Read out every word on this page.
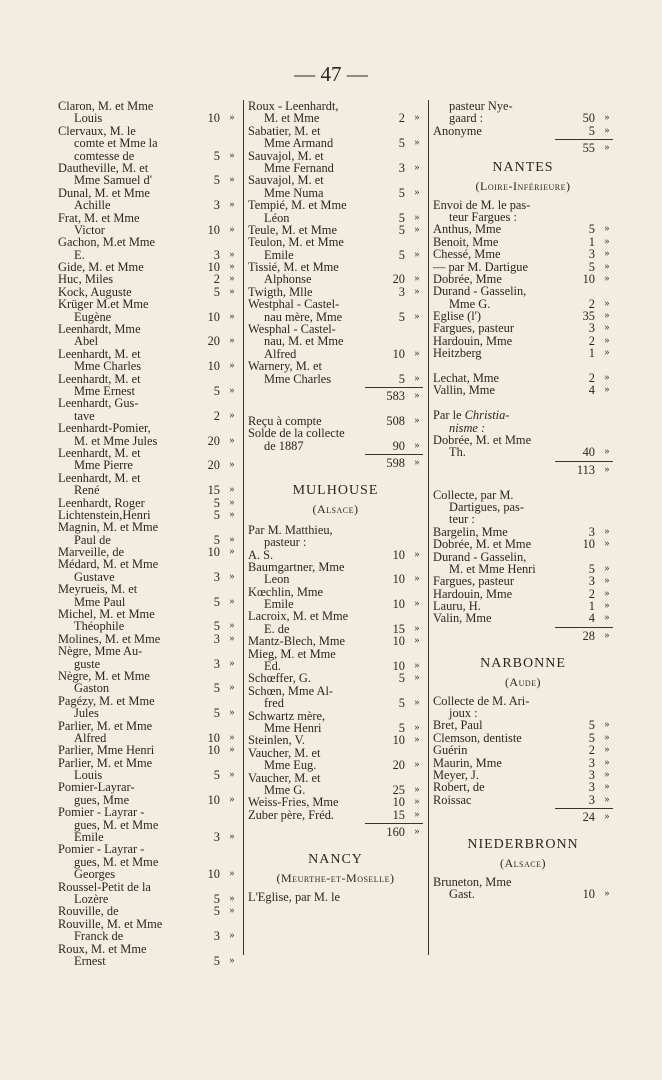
— 47 —
Claron, M. et Mme
Louis	10 »
Clervaux, M. le
comte et Mme la
comtesse de	5 »
Dautheville, M. et
Mme Samuel d'	5 »
Dunal, M. et Mme
Achille	3 »
Frat, M. et Mme
Victor	10 »
Gachon, M.et Mme
E.	3 »
Gide, M. et Mme	10 »
Huc, Miles	2 »
Kock, Auguste	5 »
Krüger M.et Mme
Eugène	10 »
Leenhardt, Mme
Abel	20 »
Leenhardt, M. et
Mme Charles	10 »
Leenhardt, M. et
Mme Ernest	5 »
Leenhardt, Gus-
tave	2 »
Leenhardt-Pomier,
M. et Mme Jules	20 »
Leenhardt, M. et
Mme Pierre	20 »
Leenhardt, M. et
René	15 »
Leenhardt, Roger	5 »
Lichtenstein,Henri	5 »
Magnin, M. et Mme
Paul de	5 »
Marveille, de	10 »
Médard, M. et Mme
Gustave	3 »
Meyrueis, M. et
Mme Paul	5 »
Michel, M. et Mme
Théophile	5 »
Molines, M. et Mme	3 »
Nègre, Mme Au-
guste	3 »
Nègre, M. et Mme
Gaston	5 »
Pagézy, M. et Mme
Jules	5 »
Parlier, M. et Mme
Alfred	10 »
Parlier, Mme Henri	10 »
Parlier, M. et Mme
Louis	5 »
Pomier-Layrar-
gues, Mme	10 »
Pomier - Layrar -
gues, M. et Mme
Emile	3 »
Pomier - Layrar -
gues, M. et Mme
Georges	10 »
Roussel-Petit de la
Lozère	5 »
Rouville, de	5 »
Rouville, M. et Mme
Franck de	3 »
Roux, M. et Mme
Ernest	5 »
Roux - Leenhardt,
M. et Mme	2 »
Sabatier, M. et
Mme Armand	5 »
Sauvajol, M. et
Mme Fernand	3 »
Sauvajol, M. et
Mme Numa	5 »
Tempié, M. et Mme
Léon	5 »
Teule, M. et Mme	5 »
Teulon, M. et Mme
Emile	5 »
Tissié, M. et Mme
Alphonse	20 »
Twigth, Mlle	3 »
Westphal - Castel-
nau mère, Mme	5 »
Wesphal - Castel-
nau, M. et Mme
Alfred	10 »
Warnery, M. et
Mme Charles	5 »
583 »
Reçu à compte	508 »
Solde de la collecte
de 1887	90 »
598 »
MULHOUSE
(Alsace)
Par M. Matthieu,
pasteur :
A. S.	10 »
Baumgartner, Mme
Leon	10 »
Kœchlin, Mme
Emile	10 »
Lacroix, M. et Mme
E. de	15 »
Mantz-Blech, Mme	10 »
Mieg, M. et Mme
Ed.	10 »
Schœffer, G.	5 »
Schœn, Mme Al-
fred	5 »
Schwartz mère,
Mme Henri	5 »
Steinlen, V.	10 »
Vaucher, M. et
Mme Eug.	20 »
Vaucher, M. et
Mme G.	25 »
Weiss-Fries, Mme	10 »
Zuber père, Fréd.	15 »
160 »
NANCY
(Meurthe-et-Moselle)
L'Eglise, par M. le
pasteur Nye-
gaard :	50 »
Anonyme	5 »
55 »
NANTES
(Loire-Inférieure)
Envoi de M. le pas-
teur Fargues :
Anthus, Mme	5 »
Benoit, Mme	1 »
Chessé, Mme	3 »
— par M. Dartigue	5 »
Dobrée, Mme	10 »
Durand - Gasselin,
Mme G.	2 »
Eglise (l')	35 »
Fargues, pasteur	3 »
Hardouin, Mme	2 »
Heitzberg	1 »
Lechat, Mme	2 »
Vallin, Mme	4 »
Par le Christia-
nisme :
Dobrée, M. et Mme
Th.	40 »
113 »
Collecte, par M.
Dartigues, pas-
teur :
Bargelin, Mme	3 »
Dobrée, M. et Mme	10 »
Durand - Gasselin,
M. et Mme Henri	5 »
Fargues, pasteur	3 »
Hardouin, Mme	2 »
Lauru, H.	1 »
Valin, Mme	4 »
28 »
NARBONNE
(Aude)
Collecte de M. Ari-
joux :
Bret, Paul	5 »
Clemson, dentiste	5 »
Guérin	2 »
Maurin, Mme	3 »
Meyer, J.	3 »
Robert, de	3 »
Roissac	3 »
24 »
NIEDERBRONN
(Alsace)
Bruneton, Mme
Gast.	10 »
